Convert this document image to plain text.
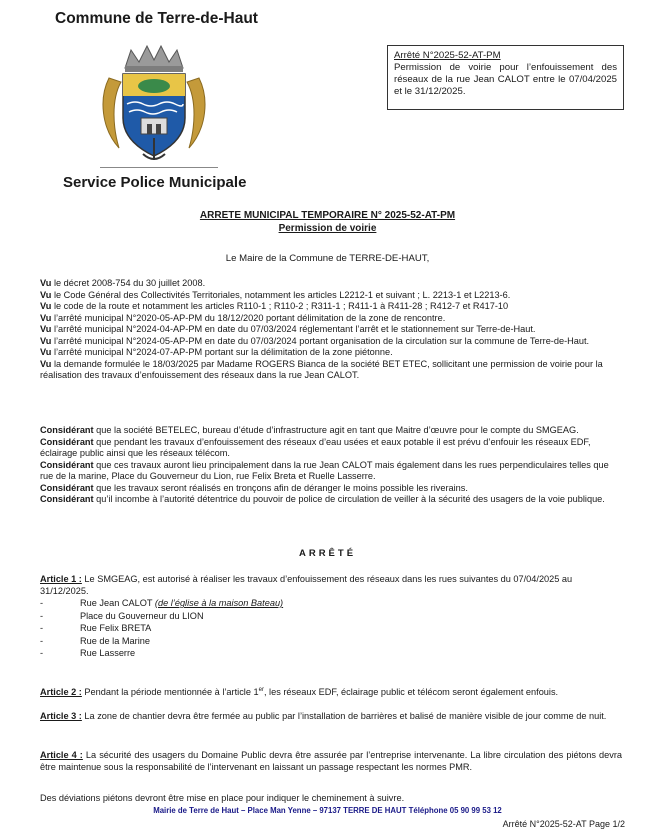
Commune de Terre-de-Haut
Service Police Municipale
Arrêté N°2025-52-AT-PM
Permission de voirie pour l’enfouissement des réseaux de la rue Jean CALOT entre le 07/04/2025 et le 31/12/2025.
ARRETE MUNICIPAL TEMPORAIRE N° 2025-52-AT-PM
Permission de voirie
Le Maire de la Commune de TERRE-DE-HAUT,
Vu le décret 2008-754 du 30 juillet 2008.
Vu le Code Général des Collectivités Territoriales, notamment les articles L2212-1 et suivant ; L. 2213-1 et L2213-6.
Vu le code de la route et notamment les articles R110-1 ; R110-2 ; R311-1 ; R411-1 à R411-28 ; R412-7 et R417-10
Vu l’arrêté municipal N°2020-05-AP-PM du 18/12/2020 portant délimitation de la zone de rencontre.
Vu l’arrêté municipal N°2024-04-AP-PM en date du 07/03/2024 réglementant l’arrêt et le stationnement sur Terre-de-Haut.
Vu l’arrêté municipal N°2024-05-AP-PM en date du 07/03/2024 portant organisation de la circulation sur la commune de Terre-de-Haut.
Vu l’arrêté municipal N°2024-07-AP-PM portant sur la délimitation de la zone piétonne.
Vu la demande formulée le 18/03/2025 par Madame ROGERS Bianca de la société BET ETEC, sollicitant une permission de voirie pour la réalisation des travaux d’enfouissement des réseaux dans la rue Jean CALOT.
Considérant que la société BETELEC, bureau d’étude d’infrastructure agit en tant que Maitre d’œuvre pour le compte du SMGEAG.
Considérant que pendant les travaux d’enfouissement des réseaux d’eau usées et eaux potable il est prévu d’enfouir les réseaux EDF, éclairage public ainsi que les réseaux télécom.
Considérant que ces travaux auront lieu principalement dans la rue Jean CALOT mais également dans les rues perpendiculaires telles que rue de la marine, Place du Gouverneur du Lion, rue Felix Breta et Ruelle Lasserre.
Considérant que les travaux seront réalisés en tronçons afin de déranger le moins possible les riverains.
Considérant qu’il incombe à l’autorité détentrice du pouvoir de police de circulation de veiller à la sécurité des usagers de la voie publique.
ARRÊTÉ
Article 1 : Le SMGEAG, est autorisé à réaliser les travaux d’enfouissement des réseaux dans les rues suivantes du 07/04/2025 au 31/12/2025.
- Rue Jean CALOT (de l’église à la maison Bateau)
- Place du Gouverneur du LION
- Rue Felix BRETA
- Rue de la Marine
- Rue Lasserre
Article 2 : Pendant la période mentionnée à l’article 1er, les réseaux EDF, éclairage public et télécom seront également enfouis.
Article 3 : La zone de chantier devra être fermée au public par l’installation de barrières et balisé de manière visible de jour comme de nuit.
Article 4 : La sécurité des usagers du Domaine Public devra être assurée par l’entreprise intervenante. La libre circulation des piétons devra être maintenue sous la responsabilité de l’intervenant en laissant un passage respectant les normes PMR.
Des déviations piétons devront être mise en place pour indiquer le cheminement à suivre.
Mairie de Terre de Haut – Place Man Yenne – 97137 TERRE DE HAUT Téléphone 05 90 99 53 12
Arrêté N°2025-52-AT Page 1/2
